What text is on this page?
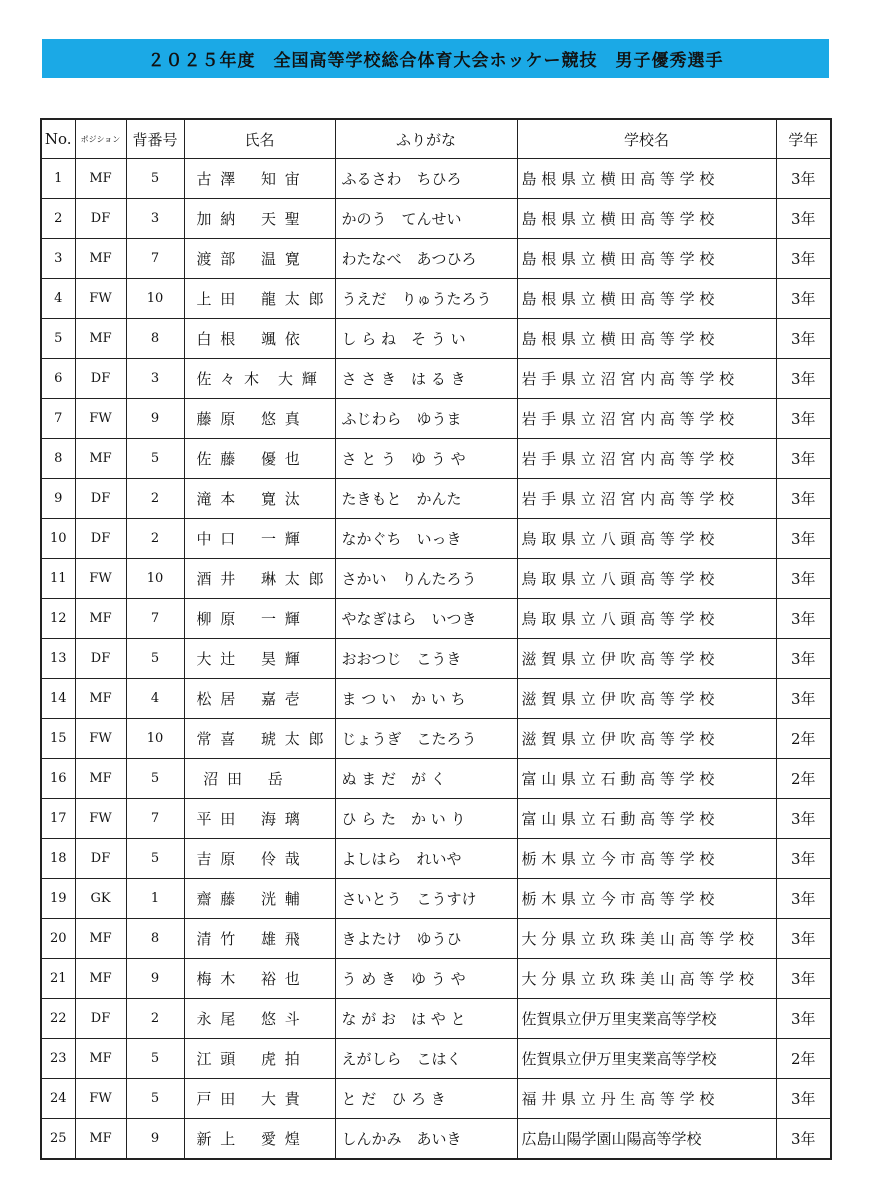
２０２５年度　全国高等学校総合体育大会ホッケー競技　男子優秀選手
No.	ポジション	背番号	氏名	ふりがな	学校名	学年
1	MF	5	古 澤　 知 宙	ふるさわ　ちひろ	島 根 県 立 横 田 高 等 学 校	3年
2	DF	3	加 納　 天 聖	かのう　てんせい	島 根 県 立 横 田 高 等 学 校	3年
3	MF	7	渡 部　 温 寛	わたなべ　あつひろ	島 根 県 立 横 田 高 等 学 校	3年
4	FW	10	上 田　 龍 太 郎	うえだ　りゅうたろう	島 根 県 立 横 田 高 等 学 校	3年
5	MF	8	白 根　 颯 依	し ら ね　そ う い	島 根 県 立 横 田 高 等 学 校	3年
6	DF	3	佐 々 木　大 輝	さ さ き　は る き	岩 手 県 立 沼 宮 内 高 等 学 校	3年
7	FW	9	藤 原　 悠 真	ふじわら　ゆうま	岩 手 県 立 沼 宮 内 高 等 学 校	3年
8	MF	5	佐 藤　 優 也	さ と う　ゆ う や	岩 手 県 立 沼 宮 内 高 等 学 校	3年
9	DF	2	滝 本　 寛 汰	たきもと　かんた	岩 手 県 立 沼 宮 内 高 等 学 校	3年
10	DF	2	中 口　 一 輝	なかぐち　いっき	鳥 取 県 立 八 頭 高 等 学 校	3年
11	FW	10	酒 井　 琳 太 郎	さかい　りんたろう	鳥 取 県 立 八 頭 高 等 学 校	3年
12	MF	7	柳 原　 一 輝	やなぎはら　いつき	鳥 取 県 立 八 頭 高 等 学 校	3年
13	DF	5	大 辻　 昊 輝	おおつじ　こうき	滋 賀 県 立 伊 吹 高 等 学 校	3年
14	MF	4	松 居　 嘉 壱	ま つ い　か い ち	滋 賀 県 立 伊 吹 高 等 学 校	3年
15	FW	10	常 喜　 琥 太 郎	じょうぎ　こたろう	滋 賀 県 立 伊 吹 高 等 学 校	2年
16	MF	5	沼 田　 岳	ぬ ま だ　が く	富 山 県 立 石 動 高 等 学 校	2年
17	FW	7	平 田　 海 璃	ひ ら た　か い り	富 山 県 立 石 動 高 等 学 校	3年
18	DF	5	吉 原　 伶 哉	よしはら　れいや	栃 木 県 立 今 市 高 等 学 校	3年
19	GK	1	齋 藤　 洸 輔	さいとう　こうすけ	栃 木 県 立 今 市 高 等 学 校	3年
20	MF	8	清 竹　 雄 飛	きよたけ　ゆうひ	大 分 県 立 玖 珠 美 山 高 等 学 校	3年
21	MF	9	梅 木　 裕 也	う め き　ゆ う や	大 分 県 立 玖 珠 美 山 高 等 学 校	3年
22	DF	2	永 尾　 悠 斗	な が お　は や と	佐賀県立伊万里実業高等学校	3年
23	MF	5	江 頭　 虎 拍	えがしら　こはく	佐賀県立伊万里実業高等学校	2年
24	FW	5	戸 田　 大 貴	と だ　ひ ろ き	福 井 県 立 丹 生 高 等 学 校	3年
25	MF	9	新 上　 愛 煌	しんかみ　あいき	広島山陽学園山陽高等学校	3年
